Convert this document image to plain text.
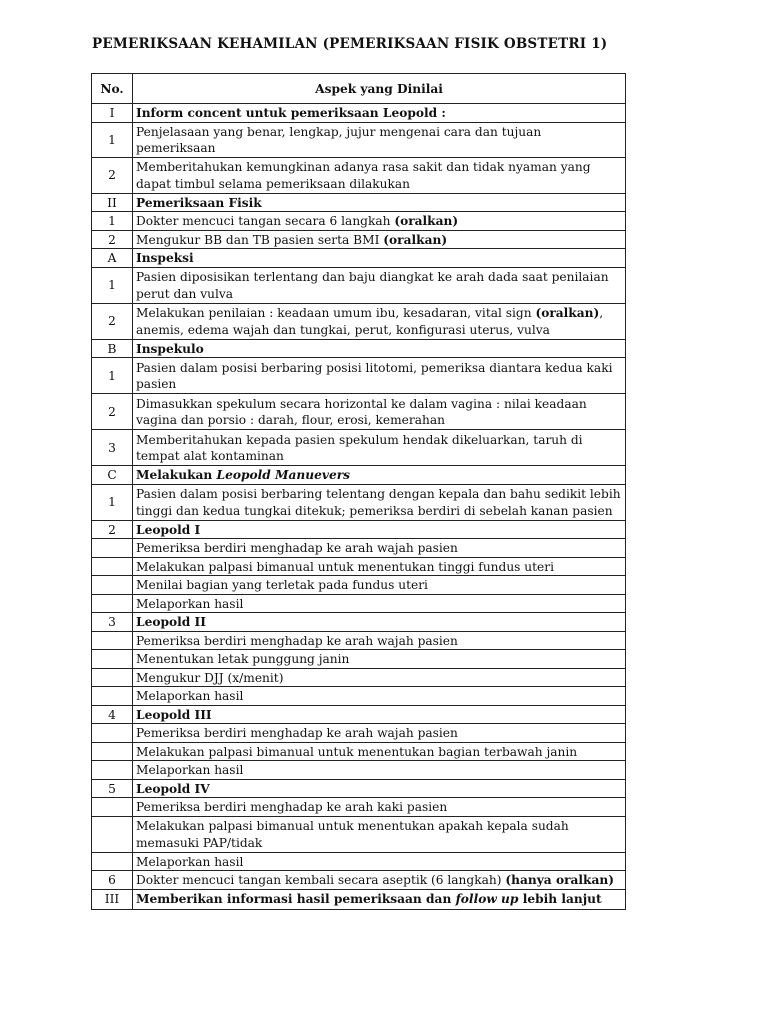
PEMERIKSAAN KEHAMILAN (PEMERIKSAAN FISIK OBSTETRI 1)
No.	Aspek yang Dinilai
I	Inform concent untuk pemeriksaan Leopold :
1	Penjelasaan yang benar, lengkap, jujur mengenai cara dan tujuan pemeriksaan
2	Memberitahukan kemungkinan adanya rasa sakit dan tidak nyaman yang dapat timbul selama pemeriksaan dilakukan
II	Pemeriksaan Fisik
1	Dokter mencuci tangan secara 6 langkah (oralkan)
2	Mengukur BB dan TB pasien serta BMI (oralkan)
A	Inspeksi
1	Pasien diposisikan terlentang dan baju diangkat ke arah dada saat penilaian perut dan vulva
2	Melakukan penilaian : keadaan umum ibu, kesadaran, vital sign (oralkan), anemis, edema wajah dan tungkai, perut, konfigurasi uterus, vulva
B	Inspekulo
1	Pasien dalam posisi berbaring posisi litotomi, pemeriksa diantara kedua kaki pasien
2	Dimasukkan spekulum secara horizontal ke dalam vagina : nilai keadaan vagina dan porsio : darah, flour, erosi, kemerahan
3	Memberitahukan kepada pasien spekulum hendak dikeluarkan, taruh di tempat alat kontaminan
C	Melakukan Leopold Manuevers
1	Pasien dalam posisi berbaring telentang dengan kepala dan bahu sedikit lebih tinggi dan kedua tungkai ditekuk; pemeriksa berdiri di sebelah kanan pasien
2	Leopold I
	Pemeriksa berdiri menghadap ke arah wajah pasien
	Melakukan palpasi bimanual untuk menentukan tinggi fundus uteri
	Menilai bagian yang terletak pada fundus uteri
	Melaporkan hasil
3	Leopold II
	Pemeriksa berdiri menghadap ke arah wajah pasien
	Menentukan letak punggung janin
	Mengukur DJJ (x/menit)
	Melaporkan hasil
4	Leopold III
	Pemeriksa berdiri menghadap ke arah wajah pasien
	Melakukan palpasi bimanual untuk menentukan bagian terbawah janin
	Melaporkan hasil
5	Leopold IV
	Pemeriksa berdiri menghadap ke arah kaki pasien
	Melakukan palpasi bimanual untuk menentukan apakah kepala sudah memasuki PAP/tidak
	Melaporkan hasil
6	Dokter mencuci tangan kembali secara aseptik (6 langkah) (hanya oralkan)
III	Memberikan informasi hasil pemeriksaan dan follow up lebih lanjut
